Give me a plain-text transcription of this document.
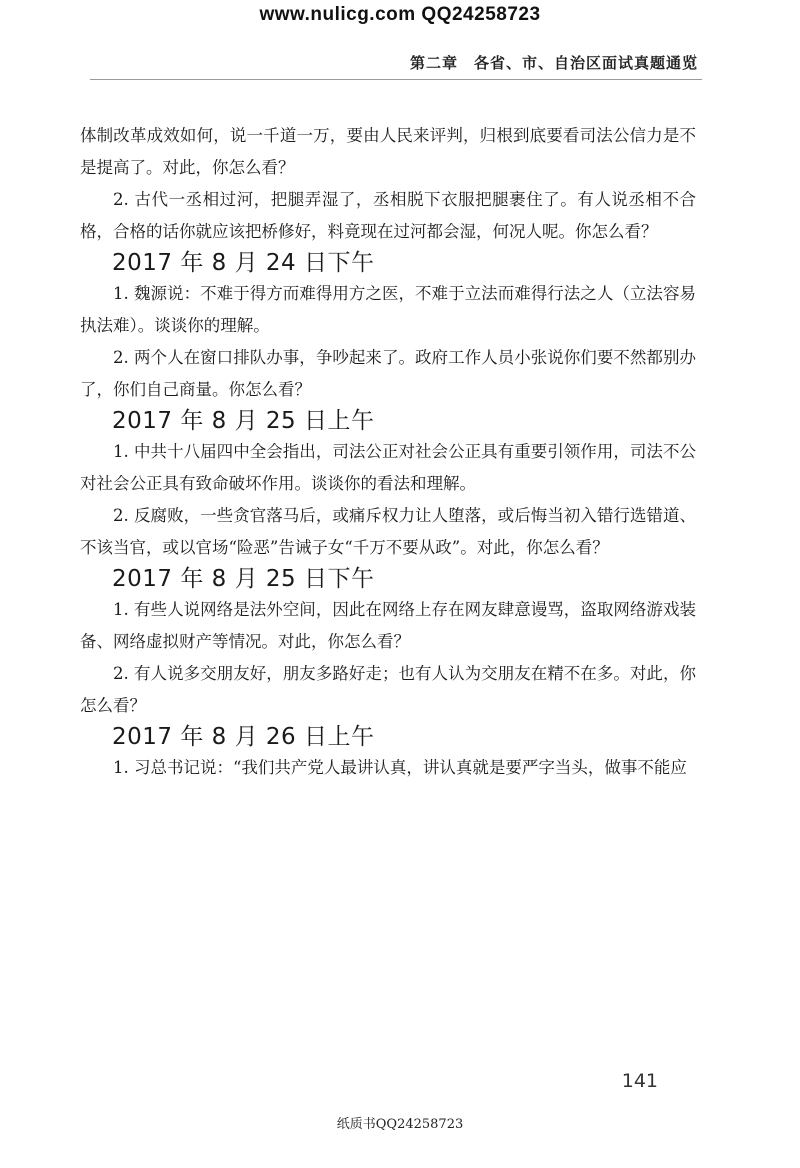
www.nulicg.com QQ24258723
第二章　各省、市、自治区面试真题通览

体制改革成效如何，说一千道一万，要由人民来评判，归根到底要看司法公信力是不是提高了。对此，你怎么看？

2. 古代一丞相过河，把腿弄湿了，丞相脱下衣服把腿裹住了。有人说丞相不合格，合格的话你就应该把桥修好，料竟现在过河都会湿，何况人呢。你怎么看？

2017 年 8 月 24 日下午

1. 魏源说：不难于得方而难得用方之医，不难于立法而难得行法之人（立法容易执法难）。谈谈你的理解。

2. 两个人在窗口排队办事，争吵起来了。政府工作人员小张说你们要不然都别办了，你们自己商量。你怎么看？

2017 年 8 月 25 日上午

1. 中共十八届四中全会指出，司法公正对社会公正具有重要引领作用，司法不公对社会公正具有致命破坏作用。谈谈你的看法和理解。

2. 反腐败，一些贪官落马后，或痛斥权力让人堕落，或后悔当初入错行选错道、不该当官，或以官场“险恶”告诫子女“千万不要从政”。对此，你怎么看？

2017 年 8 月 25 日下午

1. 有些人说网络是法外空间，因此在网络上存在网友肆意谩骂，盗取网络游戏装备、网络虚拟财产等情况。对此，你怎么看？

2. 有人说多交朋友好，朋友多路好走；也有人认为交朋友在精不在多。对此，你怎么看？

2017 年 8 月 26 日上午

1. 习总书记说：“我们共产党人最讲认真，讲认真就是要严字当头，做事不能应

141
纸质书QQ24258723
